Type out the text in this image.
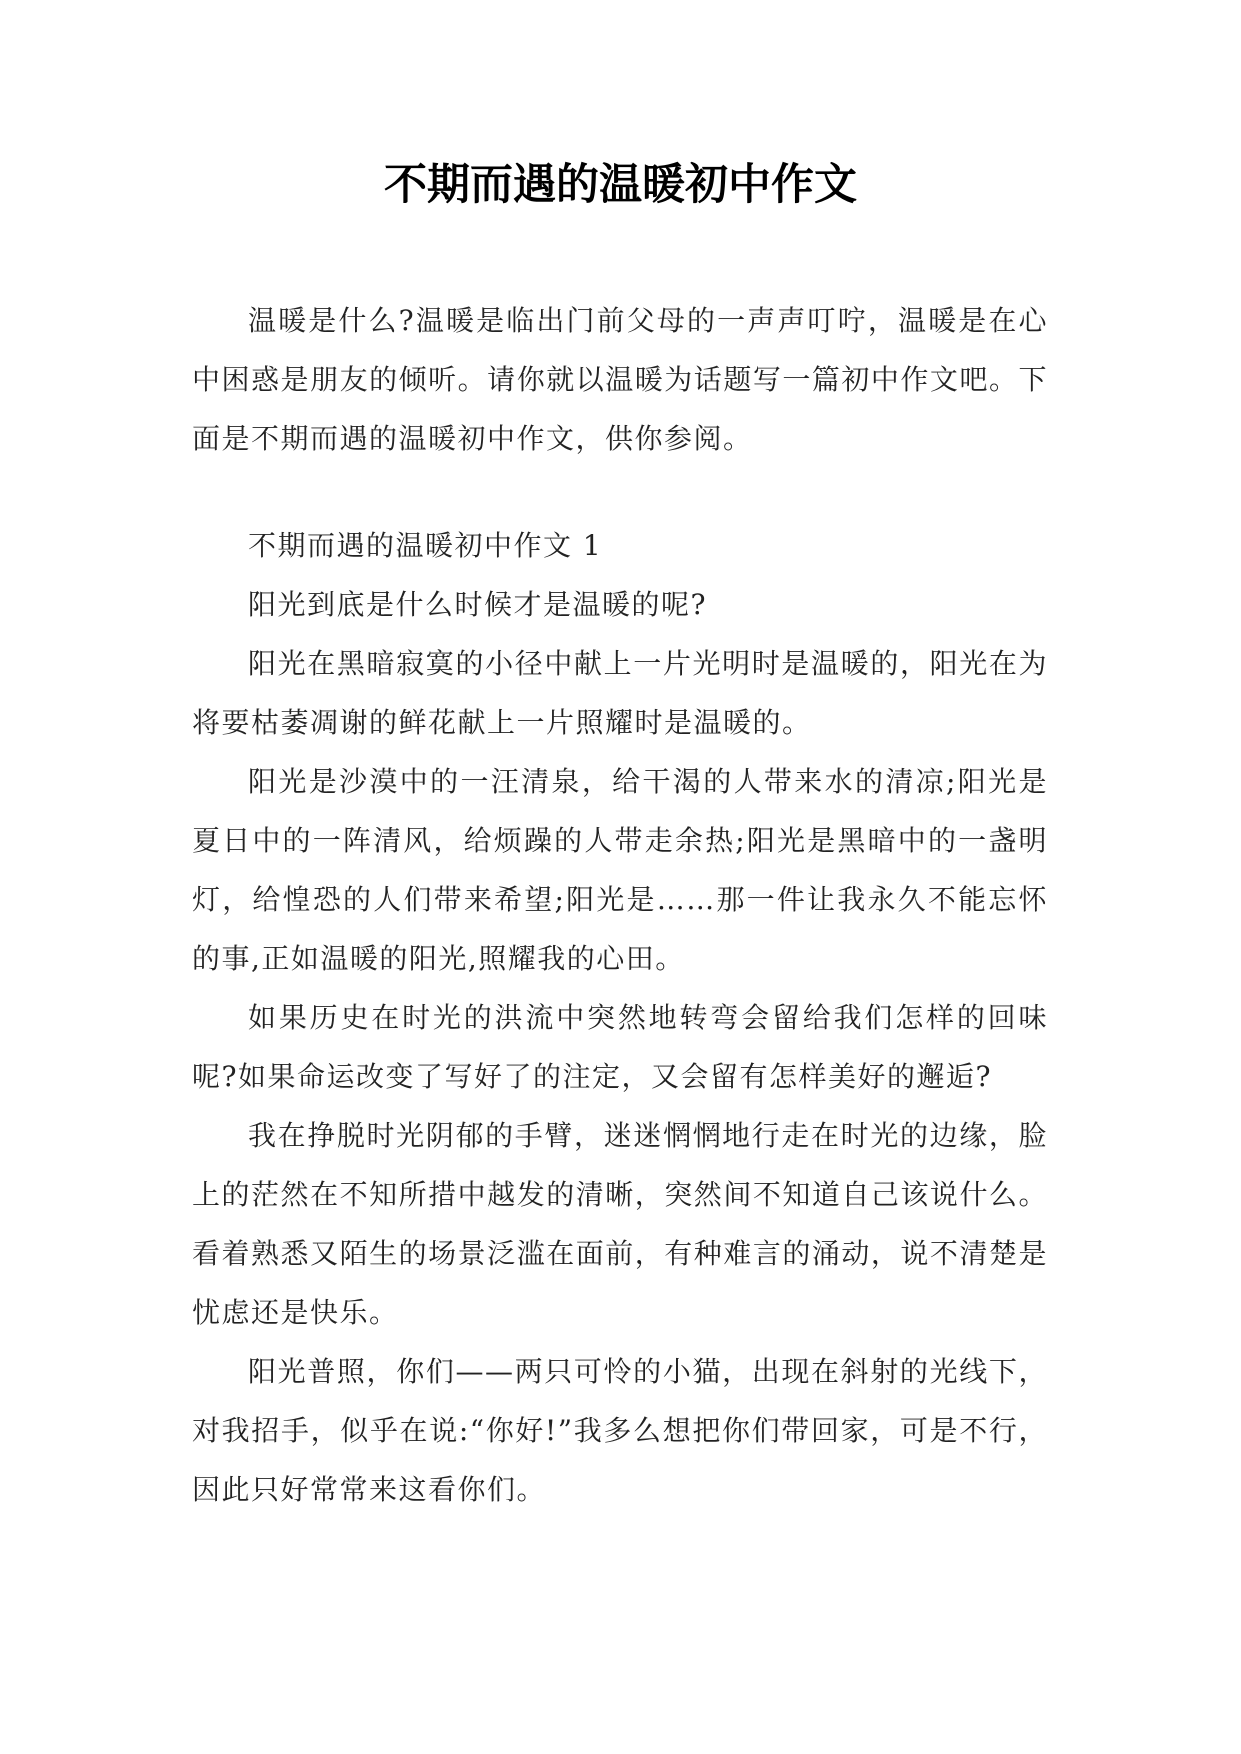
不期而遇的温暖初中作文

温暖是什么?温暖是临出门前父母的一声声叮咛，温暖是在心中困惑是朋友的倾听。请你就以温暖为话题写一篇初中作文吧。下面是不期而遇的温暖初中作文，供你参阅。

不期而遇的温暖初中作文 1

阳光到底是什么时候才是温暖的呢?

阳光在黑暗寂寞的小径中献上一片光明时是温暖的，阳光在为将要枯萎凋谢的鲜花献上一片照耀时是温暖的。

阳光是沙漠中的一汪清泉，给干渴的人带来水的清凉;阳光是夏日中的一阵清风，给烦躁的人带走余热;阳光是黑暗中的一盏明灯，给惶恐的人们带来希望;阳光是……那一件让我永久不能忘怀的事,正如温暖的阳光,照耀我的心田。

如果历史在时光的洪流中突然地转弯会留给我们怎样的回味呢?如果命运改变了写好了的注定，又会留有怎样美好的邂逅?

我在挣脱时光阴郁的手臂，迷迷惘惘地行走在时光的边缘，脸上的茫然在不知所措中越发的清晰，突然间不知道自己该说什么。看着熟悉又陌生的场景泛滥在面前，有种难言的涌动，说不清楚是忧虑还是快乐。

阳光普照，你们——两只可怜的小猫，出现在斜射的光线下，对我招手，似乎在说:“你好!”我多么想把你们带回家，可是不行，因此只好常常来这看你们。
